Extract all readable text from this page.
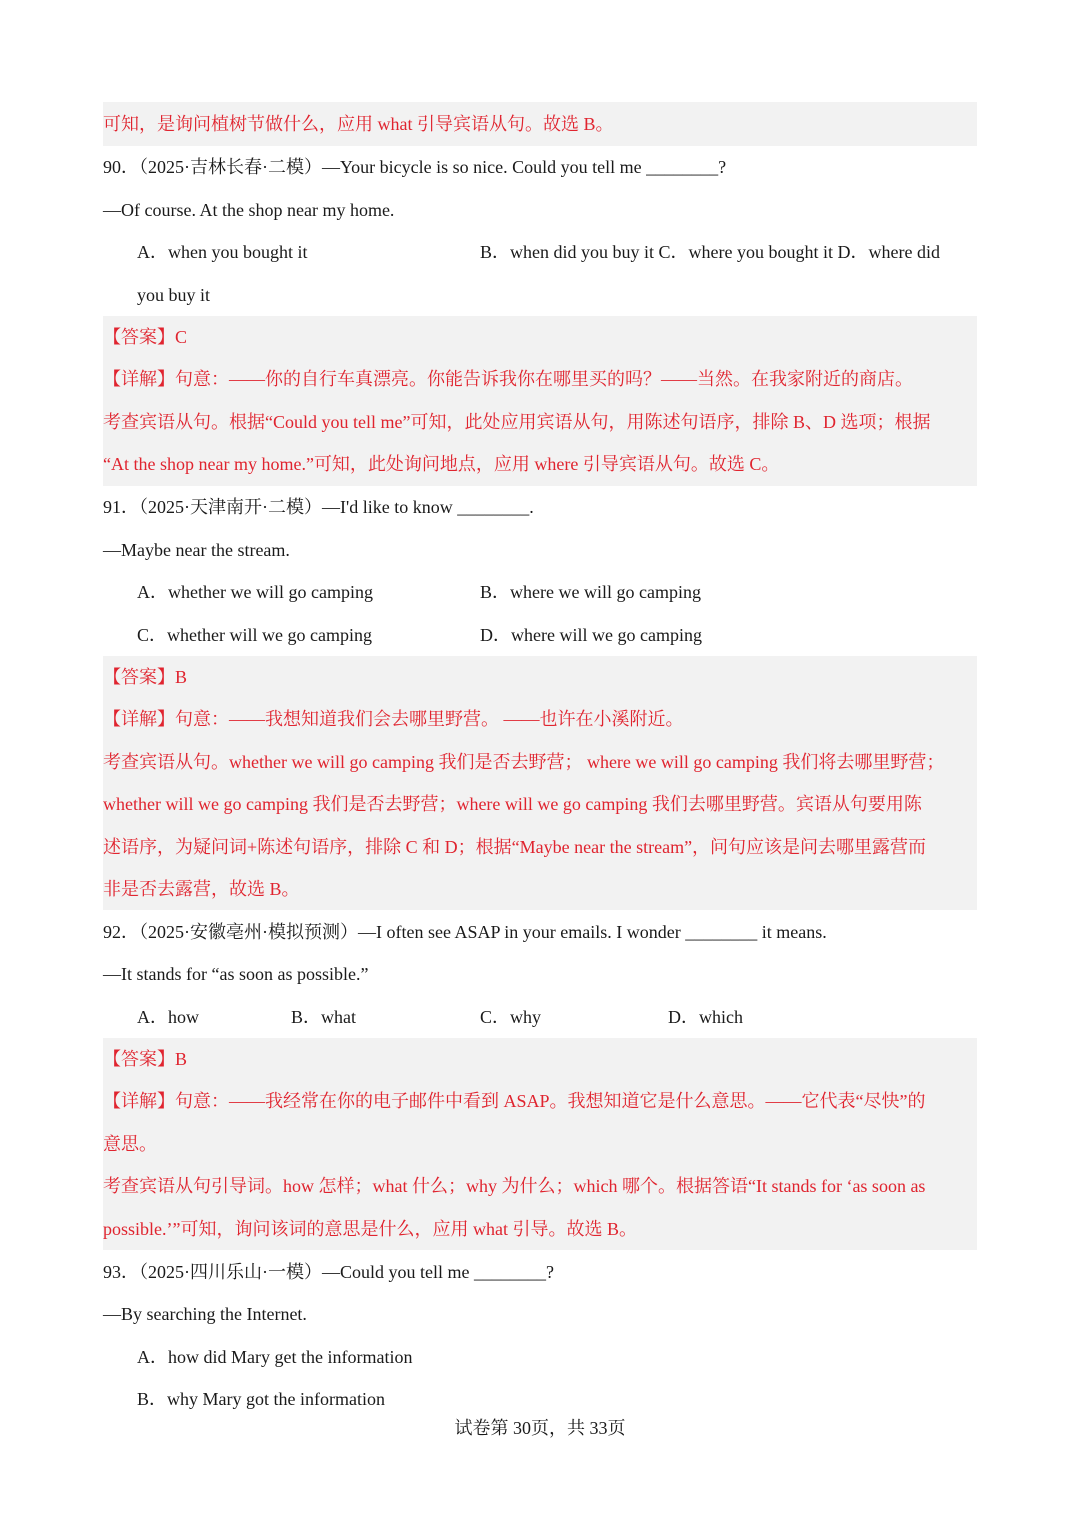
可知，是询问植树节做什么，应用 what 引导宾语从句。故选 B。
90．（2025·吉林长春·二模）—Your bicycle is so nice. Could you tell me ________?
—Of course. At the shop near my home.
A．when you bought it	B．when did you buy it C．where you bought it D．where did
you buy it
【答案】C
【详解】句意：——你的自行车真漂亮。你能告诉我你在哪里买的吗？——当然。在我家附近的商店。
考查宾语从句。根据“Could you tell me”可知，此处应用宾语从句，用陈述句语序，排除 B、D 选项；根据
“At the shop near my home.”可知，此处询问地点，应用 where 引导宾语从句。故选 C。
91．（2025·天津南开·二模）—I'd like to know ________.
—Maybe near the stream.
A．whether we will go camping	B．where we will go camping
C．whether will we go camping	D．where will we go camping
【答案】B
【详解】句意：——我想知道我们会去哪里野营。 ——也许在小溪附近。
考查宾语从句。whether we will go camping 我们是否去野营； where we will go camping 我们将去哪里野营；
whether will we go camping 我们是否去野营；where will we go camping 我们去哪里野营。宾语从句要用陈
述语序，为疑问词+陈述句语序，排除 C 和 D；根据“Maybe near the stream”，问句应该是问去哪里露营而
非是否去露营，故选 B。
92．（2025·安徽亳州·模拟预测）—I often see ASAP in your emails. I wonder ________ it means.
—It stands for “as soon as possible.”
A．how	B．what	C．why	D．which
【答案】B
【详解】句意：——我经常在你的电子邮件中看到 ASAP。我想知道它是什么意思。——它代表“尽快”的
意思。
考查宾语从句引导词。how 怎样；what 什么；why 为什么；which 哪个。根据答语“It stands for ‘as soon as
possible.’”可知，询问该词的意思是什么，应用 what 引导。故选 B。
93．（2025·四川乐山·一模）—Could you tell me ________?
—By searching the Internet.
A．how did Mary get the information
B．why Mary got the information
试卷第 30页，共 33页
